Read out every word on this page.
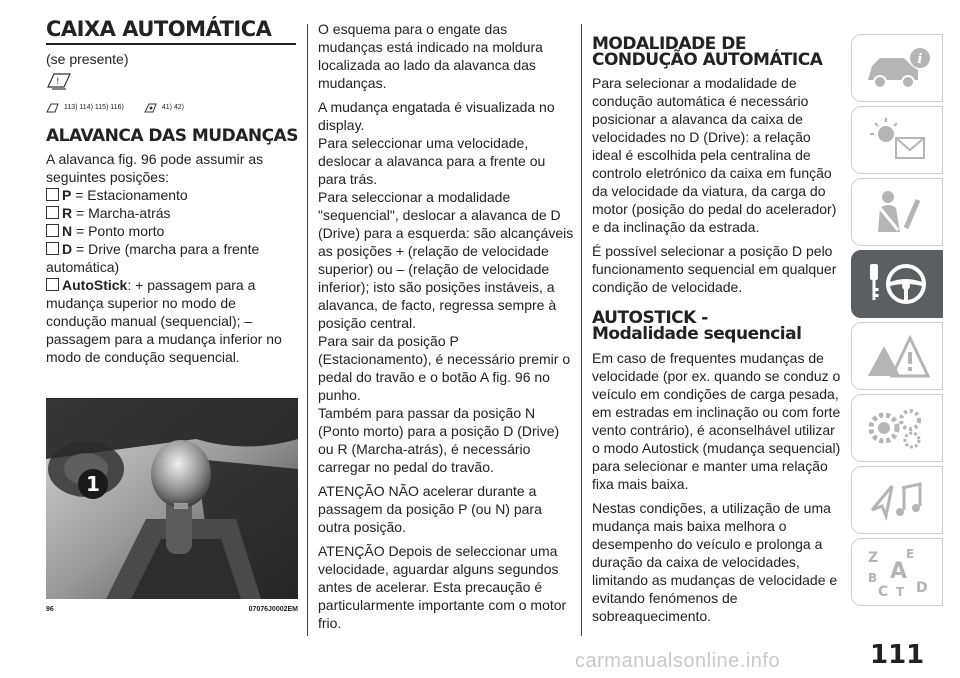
CAIXA AUTOMÁTICA
(se presente)
!
113) 114) 115) 116)	41) 42)
ALAVANCA DAS MUDANÇAS

A alavanca fig. 96 pode assumir as seguintes posições:

P = Estacionamento
R = Marcha-atrás
N = Ponto morto
D = Drive (marcha para a frente automática)
AutoStick: + passagem para a mudança superior no modo de condução manual (sequencial); – passagem para a mudança inferior no modo de condução sequencial.
1
96	07076J0002EM

O esquema para o engate das mudanças está indicado na moldura localizada ao lado da alavanca das mudanças.

A mudança engatada é visualizada no display.

Para seleccionar uma velocidade, deslocar a alavanca para a frente ou para trás.

Para seleccionar a modalidade "sequencial", deslocar a alavanca de D (Drive) para a esquerda: são alcançáveis as posições + (relação de velocidade superior) ou – (relação de velocidade inferior); isto são posições instáveis, a alavanca, de facto, regressa sempre à posição central.

Para sair da posição P (Estacionamento), é necessário premir o pedal do travão e o botão A fig. 96 no punho.

Também para passar da posição N (Ponto morto) para a posição D (Drive) ou R (Marcha-atrás), é necessário carregar no pedal do travão.

ATENÇÃO NÃO acelerar durante a passagem da posição P (ou N) para outra posição.

ATENÇÃO Depois de seleccionar uma velocidade, aguardar alguns segundos antes de acelerar. Esta precaução é particularmente importante com o motor frio.

MODALIDADE DE CONDUÇÃO AUTOMÁTICA

Para selecionar a modalidade de condução automática é necessário posicionar a alavanca da caixa de velocidades no D (Drive): a relação ideal é escolhida pela centralina de controlo eletrónico da caixa em função da velocidade da viatura, da carga do motor (posição do pedal do acelerador) e da inclinação da estrada.

É possível selecionar a posição D pelo funcionamento sequencial em qualquer condição de velocidade.

AUTOSTICK -
Modalidade sequencial

Em caso de frequentes mudanças de velocidade (por ex. quando se conduz o veículo em condições de carga pesada, em estradas em inclinação ou com forte vento contrário), é aconselhável utilizar o modo Autostick (mudança sequencial) para selecionar e manter uma relação fixa mais baixa.

Nestas condições, a utilização de uma mudança mais baixa melhora o desempenho do veículo e prolonga a duração da caixa de velocidades, limitando as mudanças de velocidade e evitando fenómenos de sobreaquecimento.

i
Z E
A
B
C T D
111
carmanualsonline.info
